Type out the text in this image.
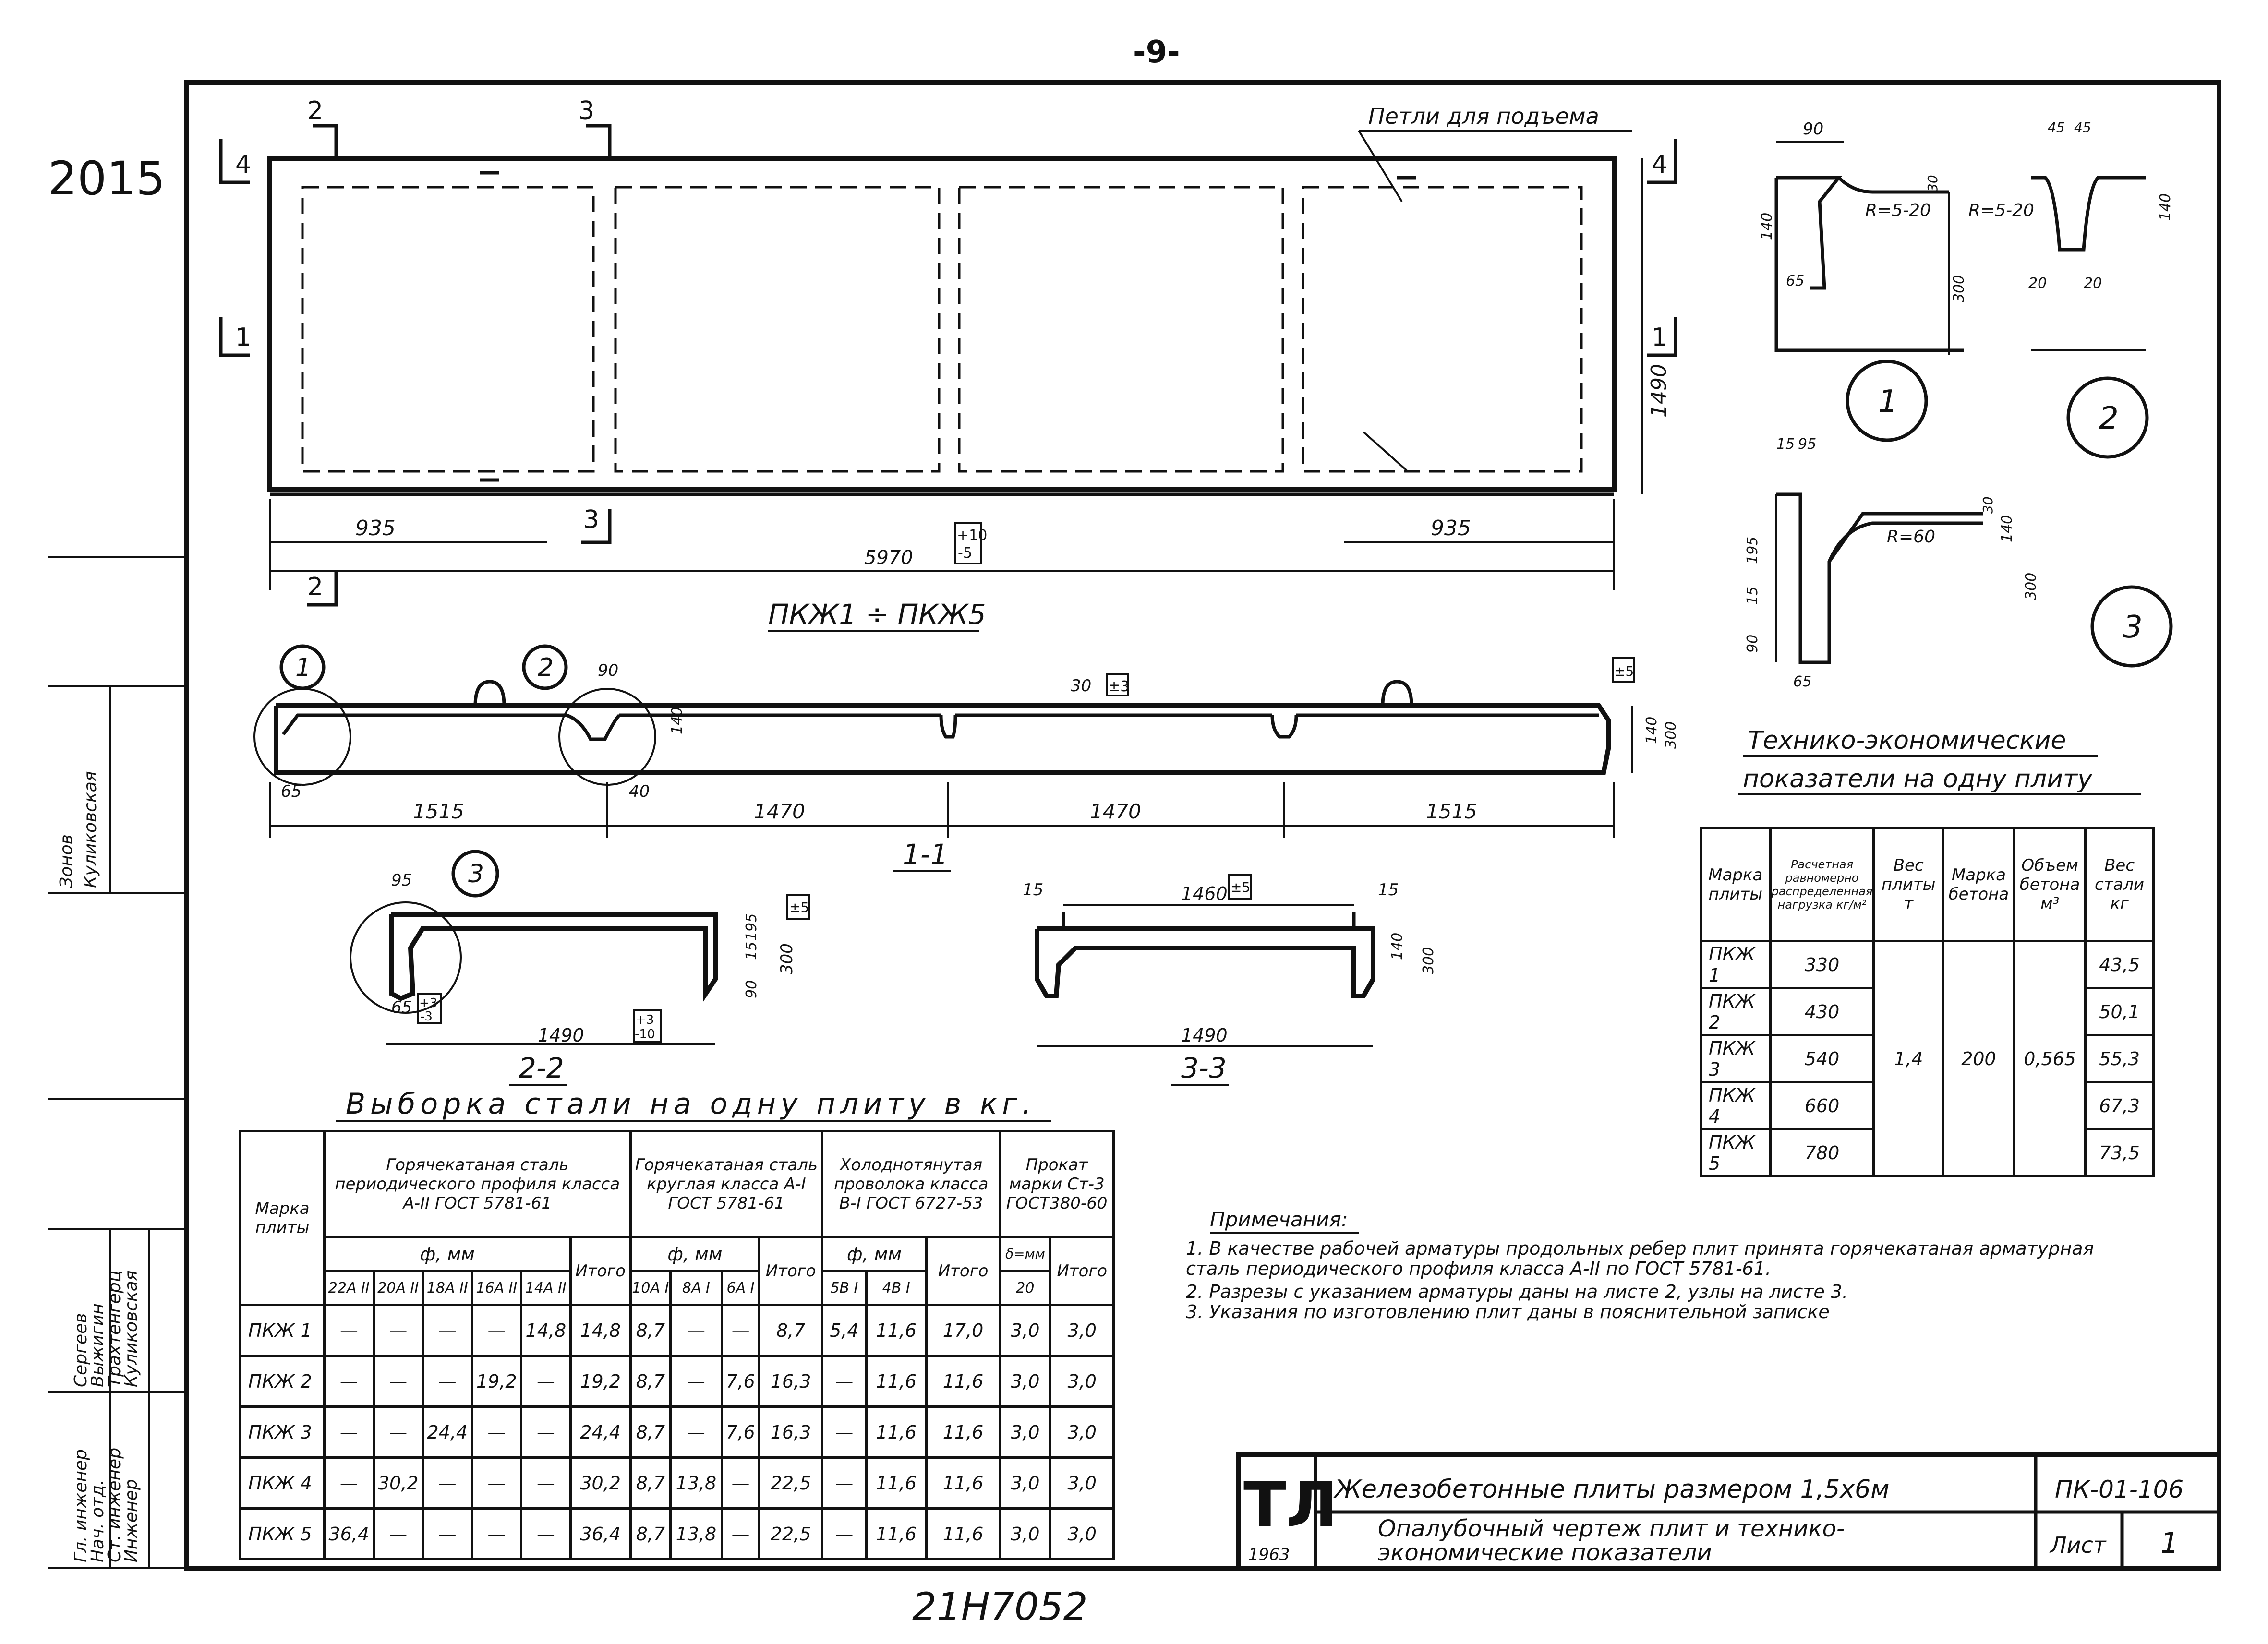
-9-
2015
21H7052
Гл. инженер
Нач. отд.
Ст. инженер
Инженер
Сергеев
Выжигин
Трахтенгерц
Куликовская
Зонов Куликовская
Петли для подъема
2	3
4	4
1	1
3
2
935	935
5970
+10
-5
1490
ПКЖ1 ÷ ПКЖ5
1	2	90
140
30 ±3
±5
140 300
65	40
1515	1470	1470	1515
1-1
3
95
65 +3
-3
90
15
195
300
±5
1490
+3
-10
2-2
15	15
1460 ±5
140
300
1490
3-3
90
140
65	300
R=5-20
30
1
45 45
140
20	20
R=5-20
2
15 95
195
15
90
65
30
140
300
R=60
3
Технико-экономические
показатели на одну плиту
Выборка стали на одну плиту в кг.
Примечания:
ТЛ
1963
Железобетонные плиты размером 1,5х6м	ПК-01-106
Лист 1
Опалубочный чертеж плит и технико-экономические показатели
1. В качестве рабочей арматуры продольных ребер плит принята горячекатаная арматурная сталь периодического профиля класса А-II по ГОСТ 5781-61.
2. Разрезы с указанием арматуры даны на листе 2, узлы на листе 3.
3. Указания по изготовлению плит даны в пояснительной записке
Марка плиты	Горячекатаная сталь периодического профиля класса А-II ГОСТ 5781-61						Горячекатаная сталь круглая класса А-I ГОСТ 5781-61				Холоднотянутая проволока класса В-I ГОСТ 6727-53			Прокат марки Ст-3 ГОСТ380-60	
	ф, мм					Итого	ф, мм			Итого	ф, мм		Итого	δ=мм	Итого
	22А II	20А II	18А II	16А II	14А II		10А I	8А I	6А I		5В I	4В I		20	
ПКЖ 1	—	—	—	—	14,8	14,8	8,7	—	—	8,7	5,4	11,6	17,0	3,0	3,0
ПКЖ 2	—	—	—	19,2	—	19,2	8,7	—	7,6	16,3	—	11,6	11,6	3,0	3,0
ПКЖ 3	—	—	24,4	—	—	24,4	8,7	—	7,6	16,3	—	11,6	11,6	3,0	3,0
ПКЖ 4	—	30,2	—	—	—	30,2	8,7	13,8	—	22,5	—	11,6	11,6	3,0	3,0
ПКЖ 5	36,4	—	—	—	—	36,4	8,7	13,8	—	22,5	—	11,6	11,6	3,0	3,0
Марка плиты	Расчетная равномерно распределенная нагрузка кг/м²	Вес плиты т	Марка бетона	Объем бетона м³	Вес стали кг
ПКЖ 1	330	1,4	200	0,565	43,5
ПКЖ 2	430				50,1
ПКЖ 3	540				55,3
ПКЖ 4	660				67,3
ПКЖ 5	780				73,5
